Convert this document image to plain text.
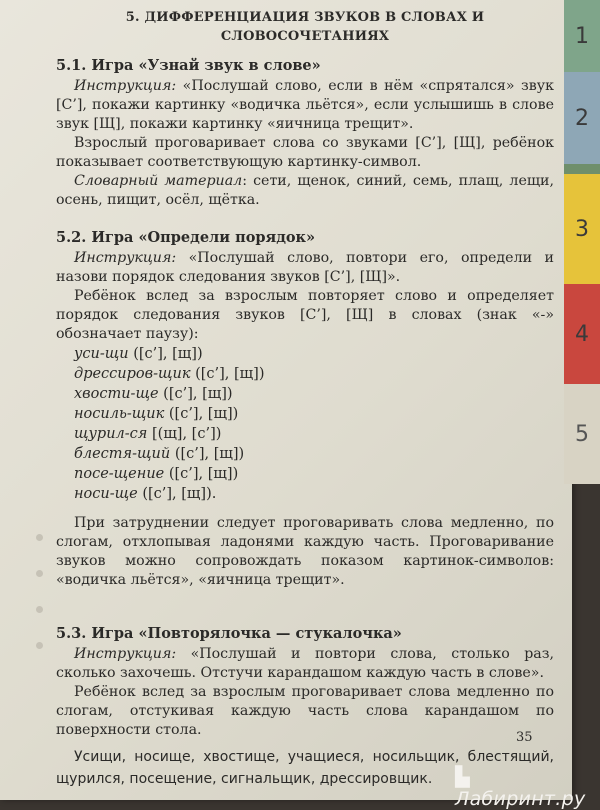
5. ДИФФЕРЕНЦИАЦИЯ ЗВУКОВ В СЛОВАХ И СЛОВОСОЧЕТАНИЯХ
5.1. Игра «Узнай звук в слове»

Инструкция: «Послушай слово, если в нём «спрятался» звук [С’], покажи картинку «водичка льётся», если услышишь в слове звук [Щ], покажи картинку «яичница трещит».

Взрослый проговаривает слова со звуками [С’], [Щ], ребёнок показывает соответствующую картинку-символ.

Словарный материал: сети, щенок, синий, семь, плащ, лещи, осень, пищит, осёл, щётка.

5.2. Игра «Определи порядок»

Инструкция: «Послушай слово, повтори его, определи и назови порядок следования звуков [С’], [Щ]».

Ребёнок вслед за взрослым повторяет слово и определяет порядок следования звуков [С’], [Щ] в словах (знак «-» обозначает паузу):

уси-щи ([с’], [щ])
дрессиров-щик ([с’], [щ])
хвости-ще ([с’], [щ])
носиль-щик ([с’], [щ])
щурил-ся [(щ], [с’])
блестя-щий ([с’], [щ])
посе-щение ([с’], [щ])
носи-ще ([с’], [щ]).

При затруднении следует проговаривать слова медленно, по слогам, отхлопывая ладонями каждую часть. Проговаривание звуков можно сопровождать показом картинок-символов: «водичка льётся», «яичница трещит».

5.3. Игра «Повторялочка — стукалочка»

Инструкция: «Послушай и повтори слова, столько раз, сколько захочешь. Отстучи карандашом каждую часть в слове».

Ребёнок вслед за взрослым проговаривает слова медленно по слогам, отстукивая каждую часть слова карандашом по поверхности стола.

Усищи, носище, хвостище, учащиеся, носильщик, блестящий, щурился, посещение, сигнальщик, дрессировщик.

35
1
2
3
4
5
▙Лабиринт.ру
